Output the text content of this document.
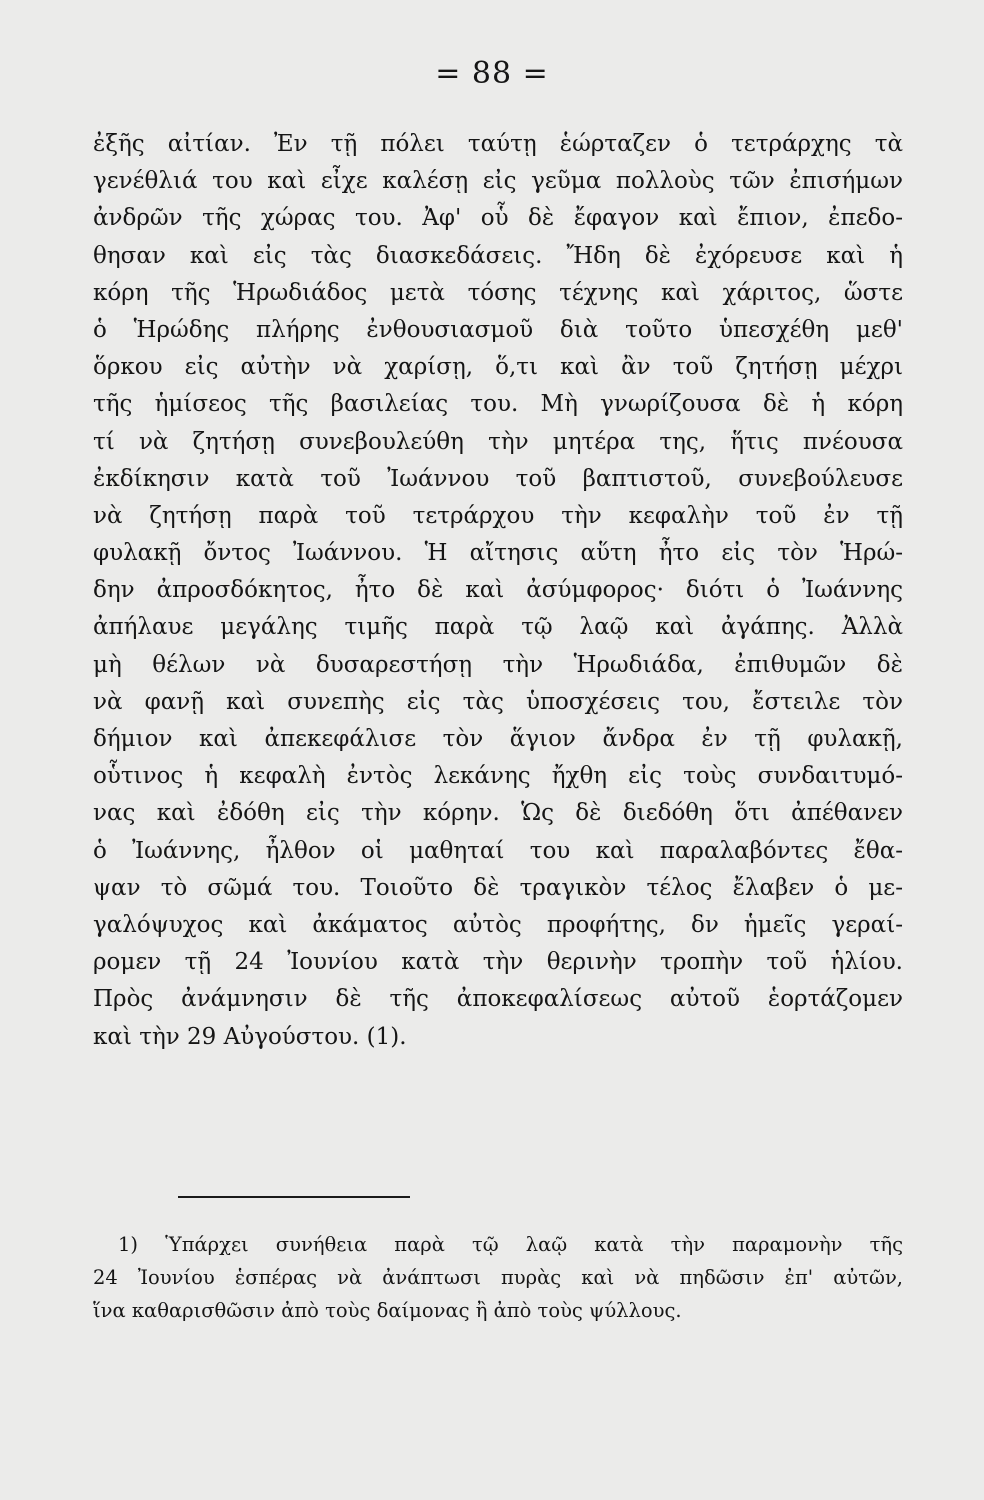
= 88 =
ἐξῆς αἰτίαν. Ἐν τῇ πόλει ταύτῃ ἑώρταζεν ὁ τετράρχης τὰ
γενέθλιά του καὶ εἶχε καλέσῃ εἰς γεῦμα πολλοὺς τῶν ἐπισήμων
ἀνδρῶν τῆς χώρας του. Ἀφ' οὗ δὲ ἔφαγον καὶ ἔπιον, ἐπεδο-
θησαν καὶ εἰς τὰς διασκεδάσεις. Ἤδη δὲ ἐχόρευσε καὶ ἡ
κόρη τῆς Ἡρωδιάδος μετὰ τόσης τέχνης καὶ χάριτος, ὥστε
ὁ Ἡρώδης πλήρης ἐνθουσιασμοῦ διὰ τοῦτο ὑπεσχέθη μεθ'
ὅρκου εἰς αὐτὴν νὰ χαρίσῃ, ὅ,τι καὶ ἂν τοῦ ζητήσῃ μέχρι
τῆς ἡμίσεος τῆς βασιλείας του. Μὴ γνωρίζουσα δὲ ἡ κόρη
τί νὰ ζητήσῃ συνεβουλεύθη τὴν μητέρα της, ἥτις πνέουσα
ἐκδίκησιν κατὰ τοῦ Ἰωάννου τοῦ βαπτιστοῦ, συνεβούλευσε
νὰ ζητήσῃ παρὰ τοῦ τετράρχου τὴν κεφαλὴν τοῦ ἐν τῇ
φυλακῇ ὄντος Ἰωάννου. Ἡ αἴτησις αὕτη ἦτο εἰς τὸν Ἡρώ-
δην ἀπροσδόκητος, ἦτο δὲ καὶ ἀσύμφορος· διότι ὁ Ἰωάννης
ἀπήλαυε μεγάλης τιμῆς παρὰ τῷ λαῷ καὶ ἀγάπης. Ἀλλὰ
μὴ θέλων νὰ δυσαρεστήσῃ τὴν Ἡρωδιάδα, ἐπιθυμῶν δὲ
νὰ φανῇ καὶ συνεπὴς εἰς τὰς ὑποσχέσεις του, ἔστειλε τὸν
δήμιον καὶ ἀπεκεφάλισε τὸν ἅγιον ἄνδρα ἐν τῇ φυλακῇ,
οὗτινος ἡ κεφαλὴ ἐντὸς λεκάνης ἤχθη εἰς τοὺς συνδαιτυμό-
νας καὶ ἐδόθη εἰς τὴν κόρην. Ὡς δὲ διεδόθη ὅτι ἀπέθανεν
ὁ Ἰωάννης, ἦλθον οἱ μαθηταί του καὶ παραλαβόντες ἔθα-
ψαν τὸ σῶμά του. Τοιοῦτο δὲ τραγικὸν τέλος ἔλαβεν ὁ με-
γαλόψυχος καὶ ἀκάματος αὐτὸς προφήτης, δν ἡμεῖς γεραί-
ρομεν τῇ 24 Ἰουνίου κατὰ τὴν θερινὴν τροπὴν τοῦ ἡλίου.
Πρὸς ἀνάμνησιν δὲ τῆς ἀποκεφαλίσεως αὐτοῦ ἑορτάζομεν
καὶ τὴν 29 Αὐγούστου. (1).
1) Ὑπάρχει συνήθεια παρὰ τῷ λαῷ κατὰ τὴν παραμονὴν τῆς
24 Ἰουνίου ἑσπέρας νὰ ἀνάπτωσι πυρὰς καὶ νὰ πηδῶσιν ἐπ' αὐτῶν,
ἵνα καθαρισθῶσιν ἀπὸ τοὺς δαίμονας ἢ ἀπὸ τοὺς ψύλλους.
